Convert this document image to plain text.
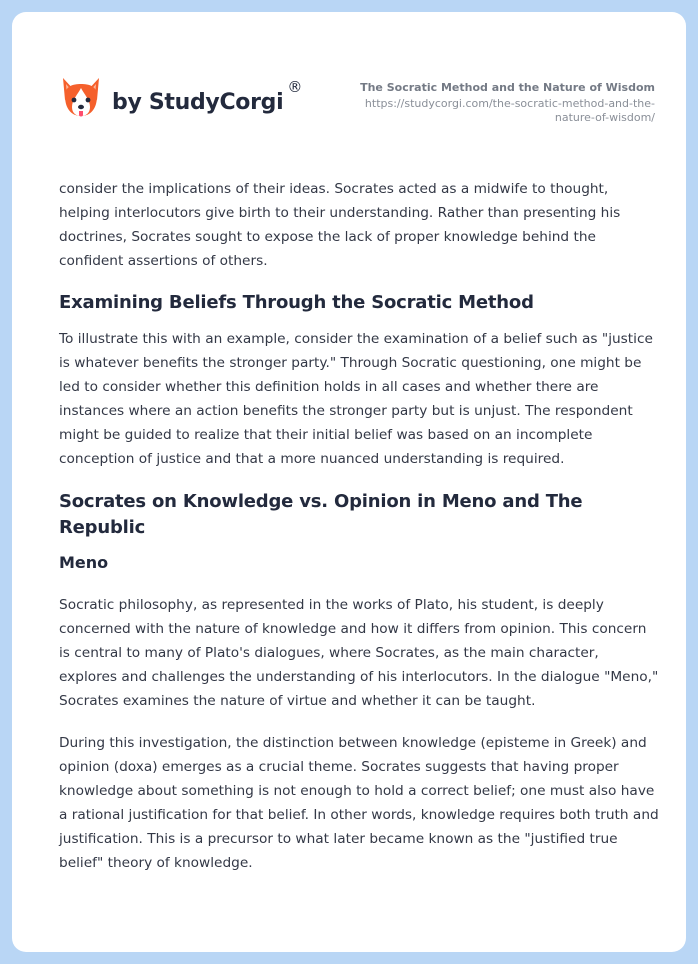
by StudyCorgi
®	The Socratic Method and the Nature of Wisdom
https://studycorgi.com/the-socratic-method-and-the-nature-of-wisdom/

consider the implications of their ideas. Socrates acted as a midwife to thought, helping interlocutors give birth to their understanding. Rather than presenting his doctrines, Socrates sought to expose the lack of proper knowledge behind the confident assertions of others.

Examining Beliefs Through the Socratic Method

To illustrate this with an example, consider the examination of a belief such as "justice is whatever benefits the stronger party." Through Socratic questioning, one might be led to consider whether this definition holds in all cases and whether there are instances where an action benefits the stronger party but is unjust. The respondent might be guided to realize that their initial belief was based on an incomplete conception of justice and that a more nuanced understanding is required.

Socrates on Knowledge vs. Opinion in Meno and The Republic
Meno

Socratic philosophy, as represented in the works of Plato, his student, is deeply concerned with the nature of knowledge and how it differs from opinion. This concern is central to many of Plato's dialogues, where Socrates, as the main character, explores and challenges the understanding of his interlocutors. In the dialogue "Meno," Socrates examines the nature of virtue and whether it can be taught.

During this investigation, the distinction between knowledge (episteme in Greek) and opinion (doxa) emerges as a crucial theme. Socrates suggests that having proper knowledge about something is not enough to hold a correct belief; one must also have a rational justification for that belief. In other words, knowledge requires both truth and justification. This is a precursor to what later became known as the "justified true belief" theory of knowledge.
